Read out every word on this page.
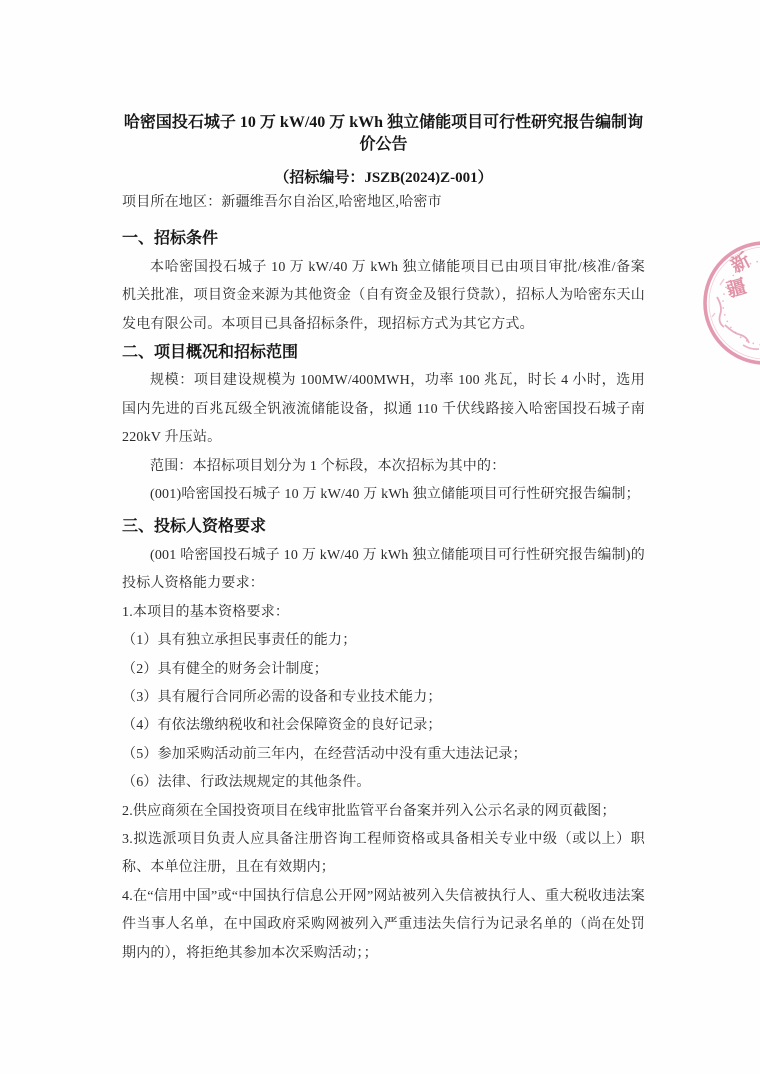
哈密国投石城子 10 万 kW/40 万 kWh 独立储能项目可行性研究报告编制询价公告

（招标编号：JSZB(2024)Z-001）

项目所在地区：新疆维吾尔自治区,哈密地区,哈密市

一、招标条件

本哈密国投石城子 10 万 kW/40 万 kWh 独立储能项目已由项目审批/核准/备案机关批准，项目资金来源为其他资金（自有资金及银行贷款），招标人为哈密东天山发电有限公司。本项目已具备招标条件，现招标方式为其它方式。

二、项目概况和招标范围

规模：项目建设规模为 100MW/400MWH，功率 100 兆瓦，时长 4 小时，选用国内先进的百兆瓦级全钒液流储能设备，拟通 110 千伏线路接入哈密国投石城子南 220kV 升压站。

范围：本招标项目划分为 1 个标段，本次招标为其中的：

(001)哈密国投石城子 10 万 kW/40 万 kWh 独立储能项目可行性研究报告编制；

三、投标人资格要求

(001 哈密国投石城子 10 万 kW/40 万 kWh 独立储能项目可行性研究报告编制)的投标人资格能力要求：

1.本项目的基本资格要求：

（1）具有独立承担民事责任的能力；

（2）具有健全的财务会计制度；

（3）具有履行合同所必需的设备和专业技术能力；

（4）有依法缴纳税收和社会保障资金的良好记录；

（5）参加采购活动前三年内，在经营活动中没有重大违法记录；

（6）法律、行政法规规定的其他条件。

2.供应商须在全国投资项目在线审批监管平台备案并列入公示名录的网页截图；

3.拟选派项目负责人应具备注册咨询工程师资格或具备相关专业中级（或以上）职称、本单位注册，且在有效期内；

4.在“信用中国”或“中国执行信息公开网”网站被列入失信被执行人、重大税收违法案件当事人名单，在中国政府采购网被列入严重违法失信行为记录名单的（尚在处罚期内的），将拒绝其参加本次采购活动；；

新
疆
